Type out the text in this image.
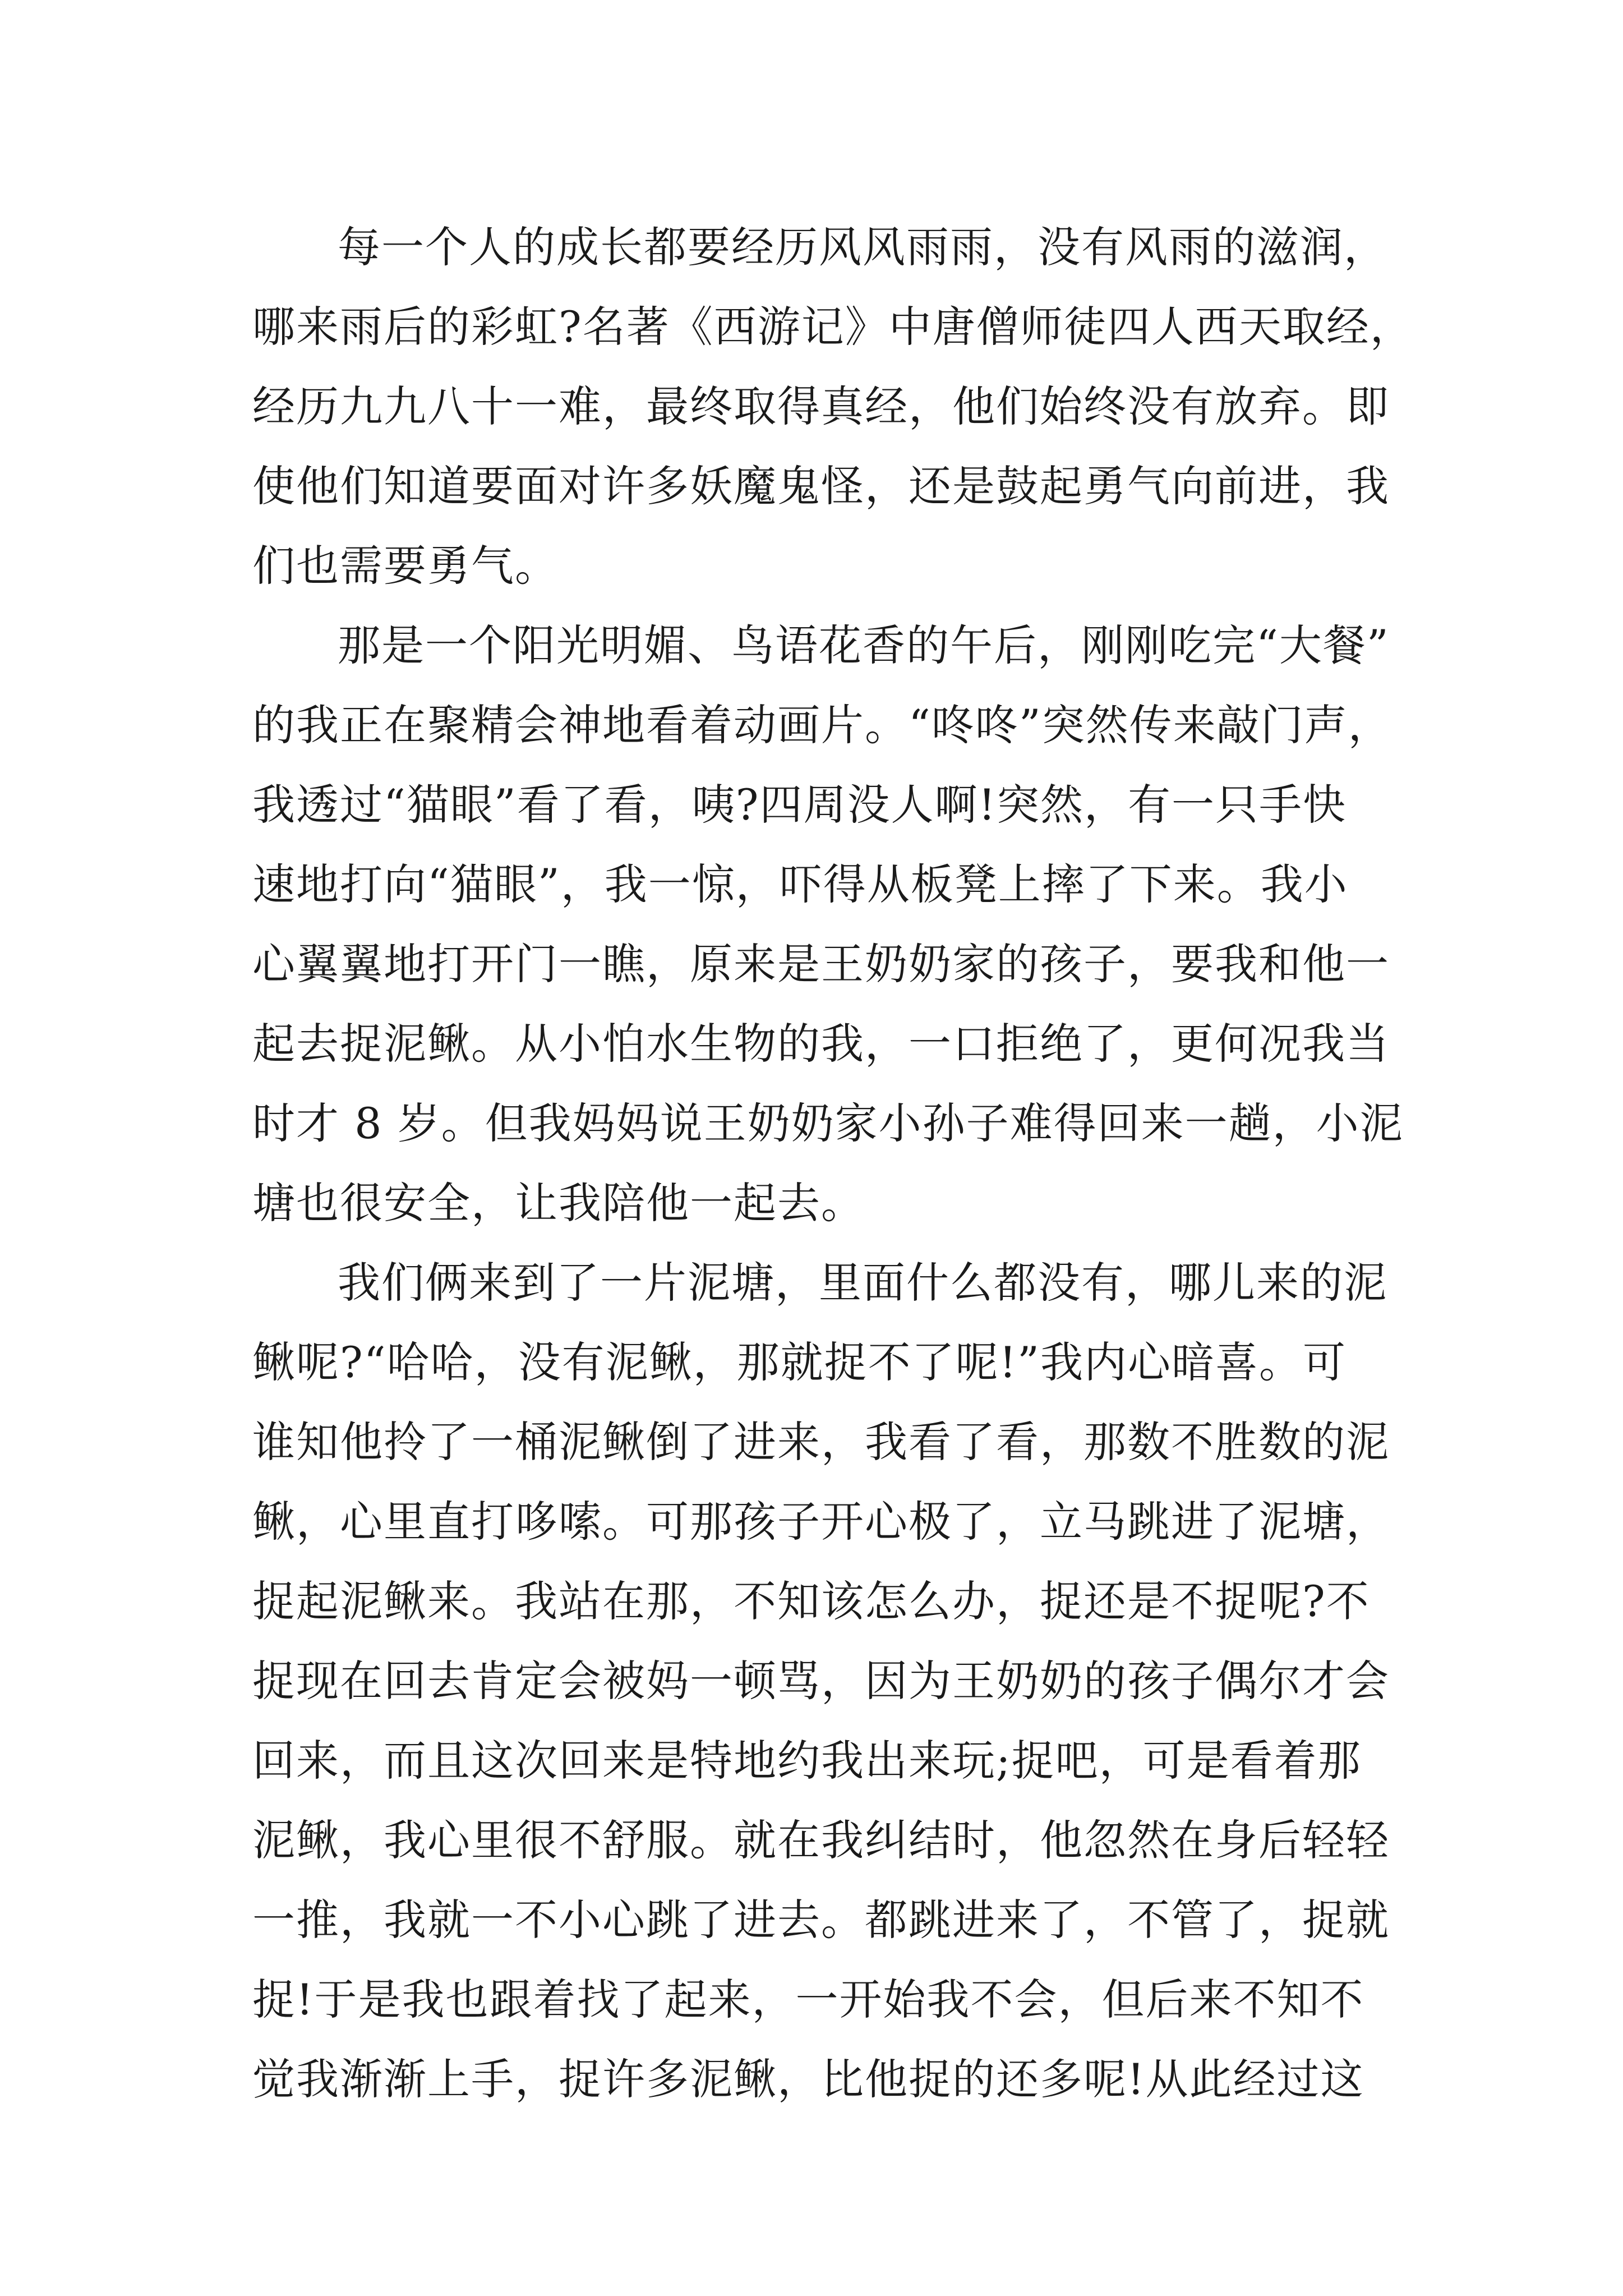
每一个人的成长都要经历风风雨雨，没有风雨的滋润，
哪来雨后的彩虹?名著《西游记》中唐僧师徒四人西天取经，
经历九九八十一难，最终取得真经，他们始终没有放弃。即
使他们知道要面对许多妖魔鬼怪，还是鼓起勇气向前进，我
们也需要勇气。
那是一个阳光明媚、鸟语花香的午后，刚刚吃完“大餐”
的我正在聚精会神地看着动画片。“咚咚”突然传来敲门声，
我透过“猫眼”看了看，咦?四周没人啊!突然，有一只手快
速地打向“猫眼”，我一惊，吓得从板凳上摔了下来。我小
心翼翼地打开门一瞧，原来是王奶奶家的孩子，要我和他一
起去捉泥鳅。从小怕水生物的我，一口拒绝了，更何况我当
时才 8 岁。但我妈妈说王奶奶家小孙子难得回来一趟，小泥
塘也很安全，让我陪他一起去。
我们俩来到了一片泥塘，里面什么都没有，哪儿来的泥
鳅呢?“哈哈，没有泥鳅，那就捉不了呢!”我内心暗喜。可
谁知他拎了一桶泥鳅倒了进来，我看了看，那数不胜数的泥
鳅，心里直打哆嗦。可那孩子开心极了，立马跳进了泥塘，
捉起泥鳅来。我站在那，不知该怎么办，捉还是不捉呢?不
捉现在回去肯定会被妈一顿骂，因为王奶奶的孩子偶尔才会
回来，而且这次回来是特地约我出来玩;捉吧，可是看着那
泥鳅，我心里很不舒服。就在我纠结时，他忽然在身后轻轻
一推，我就一不小心跳了进去。都跳进来了，不管了，捉就
捉!于是我也跟着找了起来，一开始我不会，但后来不知不
觉我渐渐上手，捉许多泥鳅，比他捉的还多呢!从此经过这
